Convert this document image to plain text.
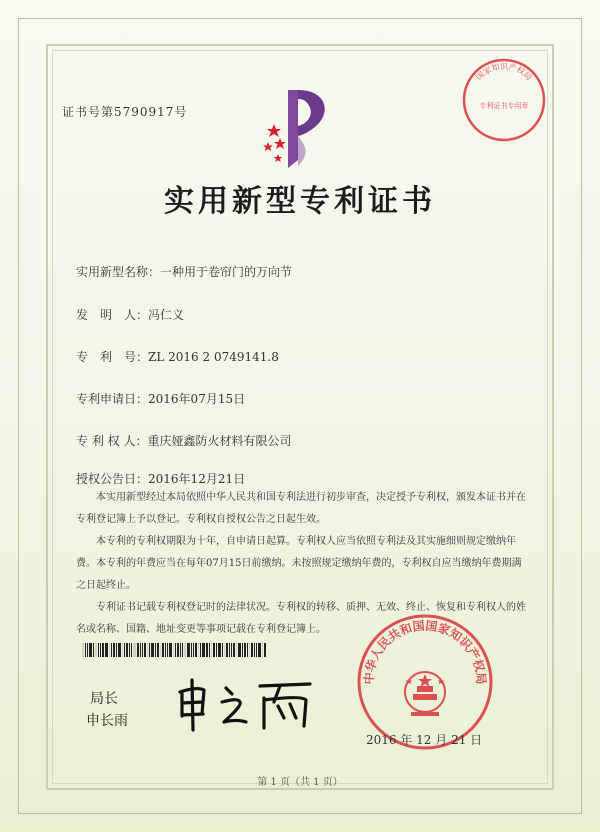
证书号第5790917号
实用新型专利证书
实用新型名称：一种用于卷帘门的万向节
发　明　人：冯仁义
专　利　号：ZL 2016 2 0749141.8
专利申请日：2016年07月15日
专 利 权 人：重庆娅鑫防火材料有限公司
授权公告日：2016年12月21日

本实用新型经过本局依照中华人民共和国专利法进行初步审查，决定授予专利权，颁发本证书并在专利登记簿上予以登记。专利权自授权公告之日起生效。

本专利的专利权期限为十年，自申请日起算。专利权人应当依照专利法及其实施细则规定缴纳年费。本专利的年费应当在每年07月15日前缴纳。未按照规定缴纳年费的，专利权自应当缴纳年费期满之日起终止。

专利证书记载专利权登记时的法律状况。专利权的转移、质押、无效、终止、恢复和专利权人的姓名或名称、国籍、地址变更等事项记载在专利登记簿上。

局长
申长雨
国家知识产权局
专利证书专用章
中华人民共和国国家知识产权局
2016 年 12 月 21 日
第 1 页（共 1 页）
